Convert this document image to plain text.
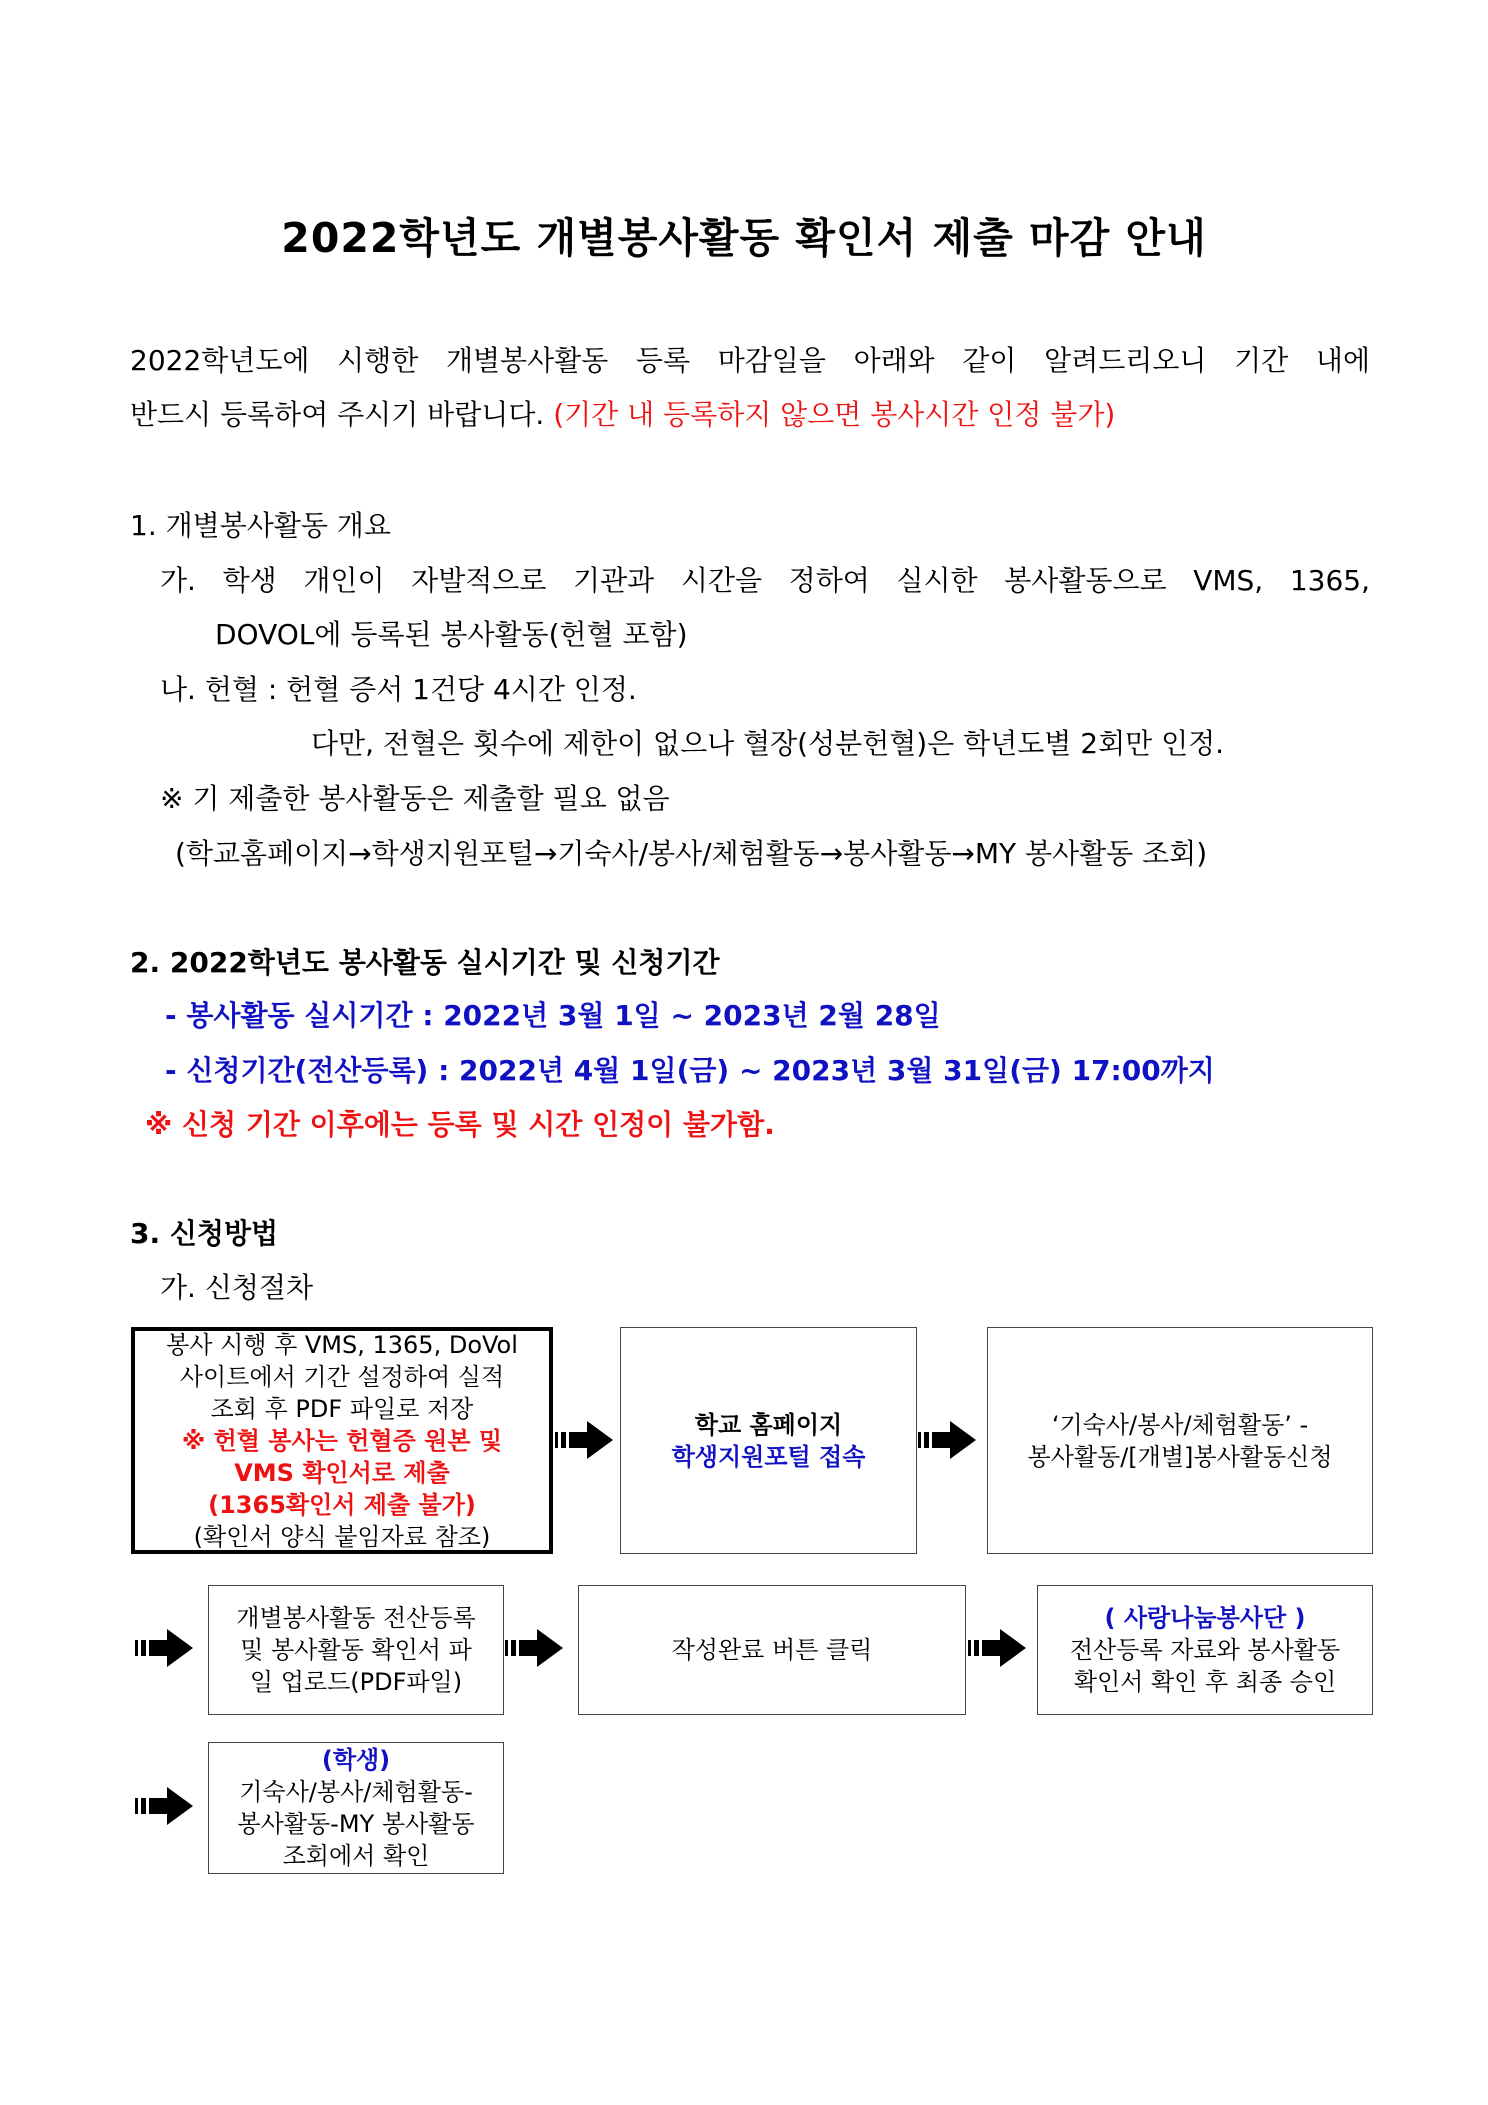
2022학년도 개별봉사활동 확인서 제출 마감 안내
2022학년도에 시행한 개별봉사활동 등록 마감일을 아래와 같이 알려드리오니 기간 내에
반드시 등록하여 주시기 바랍니다. (기간 내 등록하지 않으면 봉사시간 인정 불가)
1. 개별봉사활동 개요
가. 학생 개인이 자발적으로 기관과 시간을 정하여 실시한 봉사활동으로 VMS, 1365,
DOVOL에 등록된 봉사활동(헌혈 포함)
나. 헌혈 : 헌혈 증서 1건당 4시간 인정.
다만, 전혈은 횟수에 제한이 없으나 혈장(성분헌혈)은 학년도별 2회만 인정.
※ 기 제출한 봉사활동은 제출할 필요 없음
(학교홈페이지→학생지원포털→기숙사/봉사/체험활동→봉사활동→MY 봉사활동 조회)
2. 2022학년도 봉사활동 실시기간 및 신청기간
- 봉사활동 실시기간 : 2022년 3월 1일 ~ 2023년 2월 28일
- 신청기간(전산등록) : 2022년 4월 1일(금) ~ 2023년 3월 31일(금) 17:00까지
※ 신청 기간 이후에는 등록 및 시간 인정이 불가함.
3. 신청방법
가. 신청절차
봉사 시행 후 VMS, 1365, DoVol
사이트에서 기간 설정하여 실적
조회 후 PDF 파일로 저장
※ 헌혈 봉사는 헌혈증 원본 및
VMS 확인서로 제출
(1365확인서 제출 불가)
(확인서 양식 붙임자료 참조)
학교 홈페이지
학생지원포털 접속
‘기숙사/봉사/체험활동’ -
봉사활동/[개별]봉사활동신청
개별봉사활동 전산등록
및 봉사활동 확인서 파
일 업로드(PDF파일)
작성완료 버튼 클릭
( 사랑나눔봉사단 )
전산등록 자료와 봉사활동
확인서 확인 후 최종 승인
(학생)
기숙사/봉사/체험활동-
봉사활동-MY 봉사활동
조회에서 확인
